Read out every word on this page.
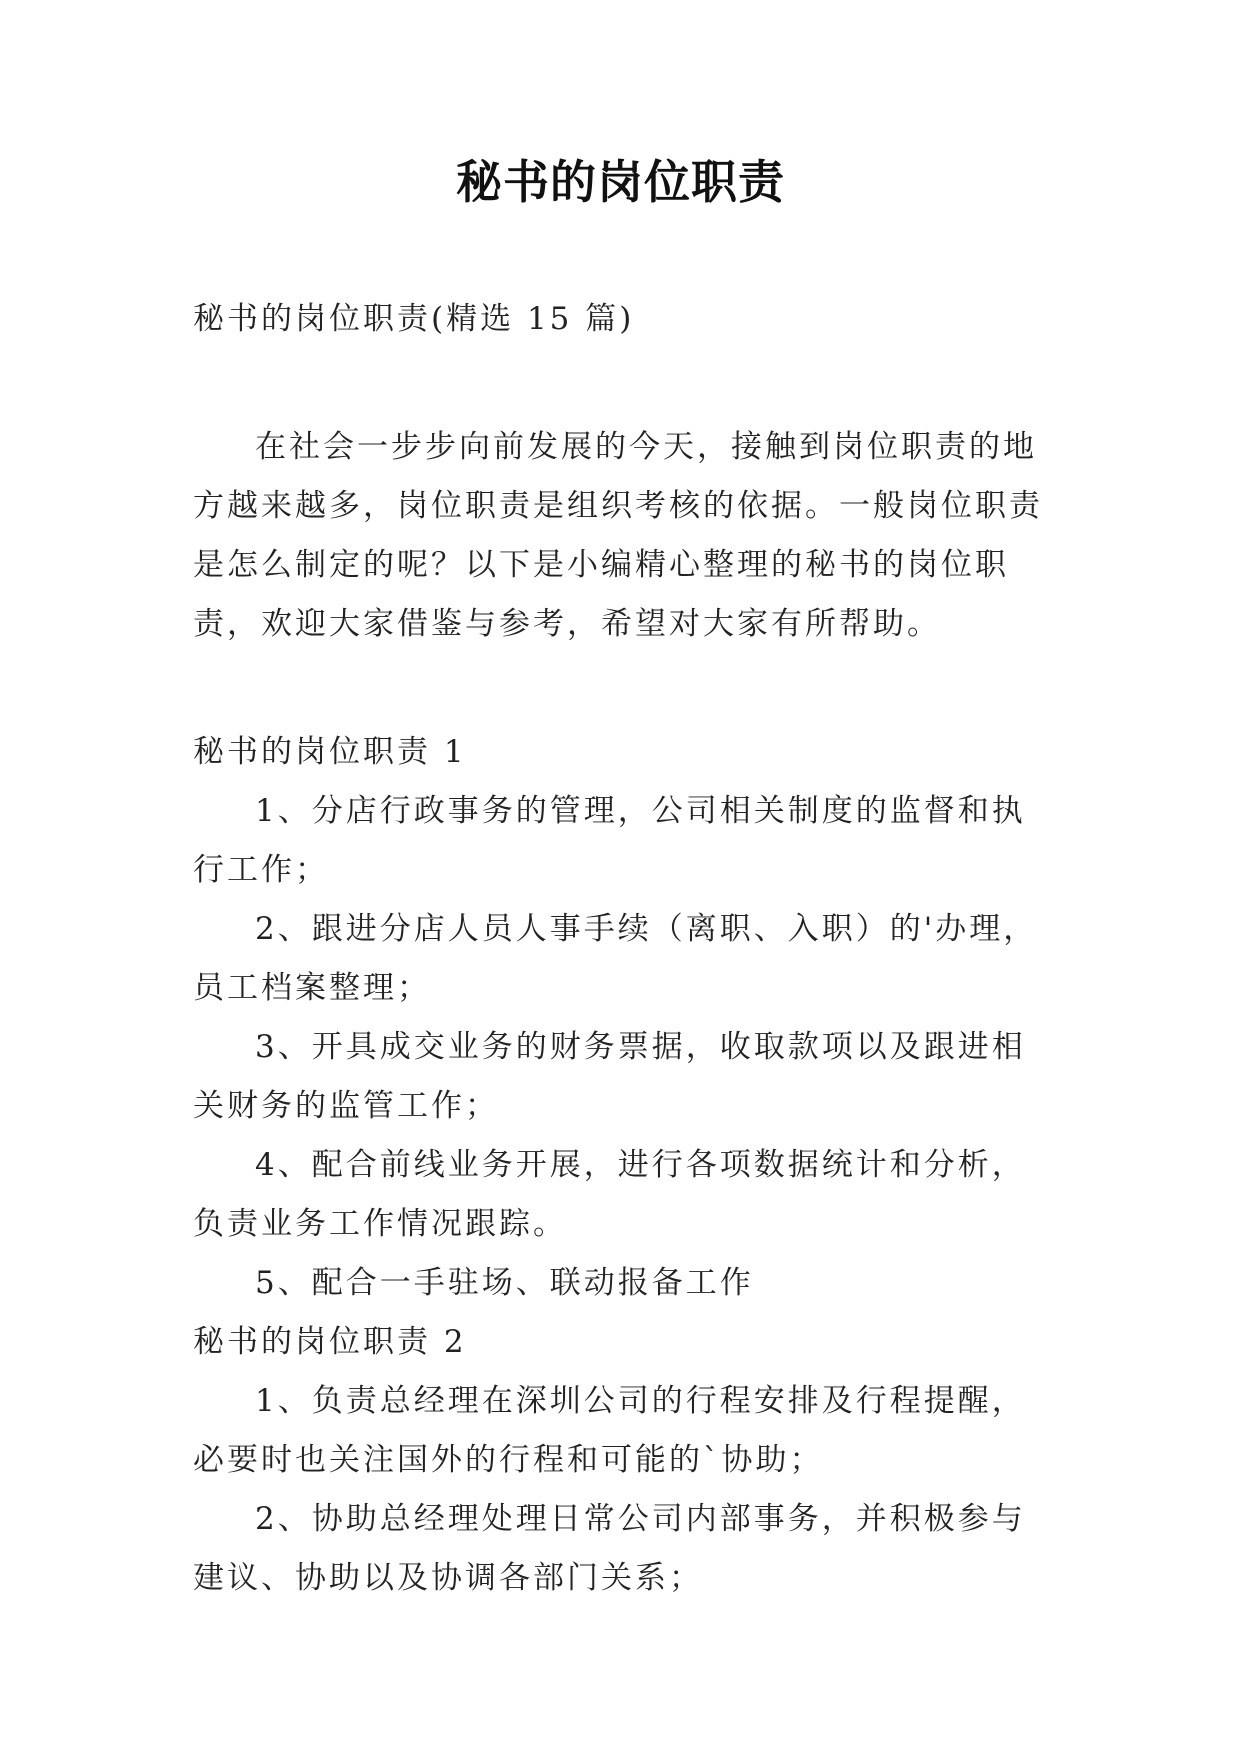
秘书的岗位职责

秘书的岗位职责(精选 15 篇)

在社会一步步向前发展的今天，接触到岗位职责的地方越来越多，岗位职责是组织考核的依据。一般岗位职责是怎么制定的呢？以下是小编精心整理的秘书的岗位职责，欢迎大家借鉴与参考，希望对大家有所帮助。

秘书的岗位职责 1

1、分店行政事务的管理，公司相关制度的监督和执行工作；

2、跟进分店人员人事手续（离职、入职）的'办理，员工档案整理；

3、开具成交业务的财务票据，收取款项以及跟进相关财务的监管工作；

4、配合前线业务开展，进行各项数据统计和分析，负责业务工作情况跟踪。

5、配合一手驻场、联动报备工作

秘书的岗位职责 2

1、负责总经理在深圳公司的行程安排及行程提醒，必要时也关注国外的行程和可能的`协助；

2、协助总经理处理日常公司内部事务，并积极参与建议、协助以及协调各部门关系；
